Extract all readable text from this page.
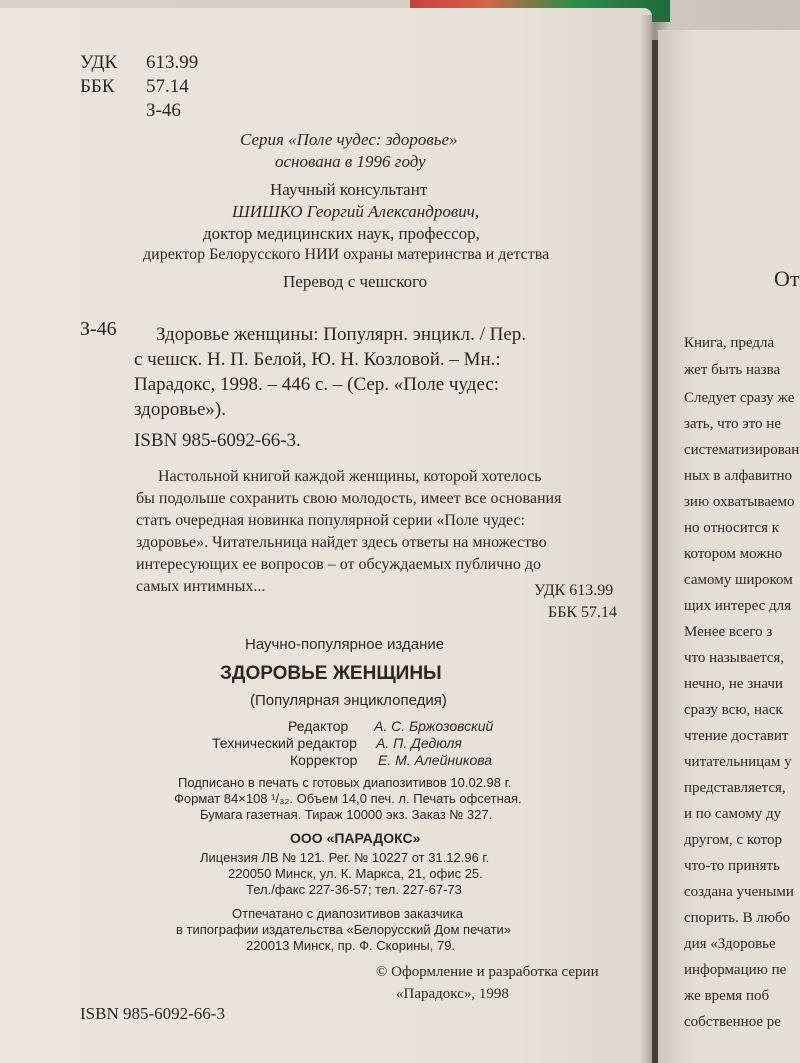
УДК 613.99
ББК 57.14
З-46
Серия «Поле чудес: здоровье»
основана в 1996 году
Научный консультант
ШИШКО Георгий Александрович,
доктор медицинских наук, профессор,
директор Белорусского НИИ охраны материнства и детства
Перевод с чешского
З-46 Здоровье женщины: Популярн. энцикл. / Пер.
с чешск. Н. П. Белой, Ю. Н. Козловой. – Мн.:
Парадокс, 1998. – 446 с. – (Сер. «Поле чудес:
здоровье»).
ISBN 985-6092-66-3.
Настольной книгой каждой женщины, которой хотелось
бы подольше сохранить свою молодость, имеет все основания
стать очередная новинка популярной серии «Поле чудес:
здоровье». Читательница найдет здесь ответы на множество
интересующих ее вопросов – от обсуждаемых публично до
самых интимных...	УДК 613.99
ББК 57.14
Научно-популярное издание
ЗДОРОВЬЕ ЖЕНЩИНЫ
(Популярная энциклопедия)
Редактор А. С. Бржозовский
Технический редактор А. П. Дедюля
Корректор Е. М. Алейникова
Подписано в печать с готовых диапозитивов 10.02.98 г.
Формат 84×108 ¹/₃₂. Объем 14,0 печ. л. Печать офсетная.
Бумага газетная. Тираж 10000 экз. Заказ № 327.
ООО «ПАРАДОКС»
Лицензия ЛВ № 121. Рег. № 10227 от 31.12.96 г.
220050 Минск, ул. К. Маркса, 21, офис 25.
Тел./факс 227-36-57; тел. 227-67-73
Отпечатано с диапозитивов заказчика
в типографии издательства «Белорусский Дом печати»
220013 Минск, пр. Ф. Скорины, 79.
© Оформление и разработка серии
«Парадокс», 1998
ISBN 985-6092-66-3
От
Книга, предла
жет быть назва
Следует сразу же
зать, что это не
систематизирован
ных в алфавитно
зию охватываемо
но относится к
котором можно
самому широком
щих интерес для
Менее всего з
что называется,
нечно, не значи
сразу всю, наск
чтение доставит
читательницам у
представляется,
и по самому ду
другом, с котор
что-то принять
создана учеными
спорить. В любо
дия «Здоровье
информацию пе
же время поб
собственное ре
